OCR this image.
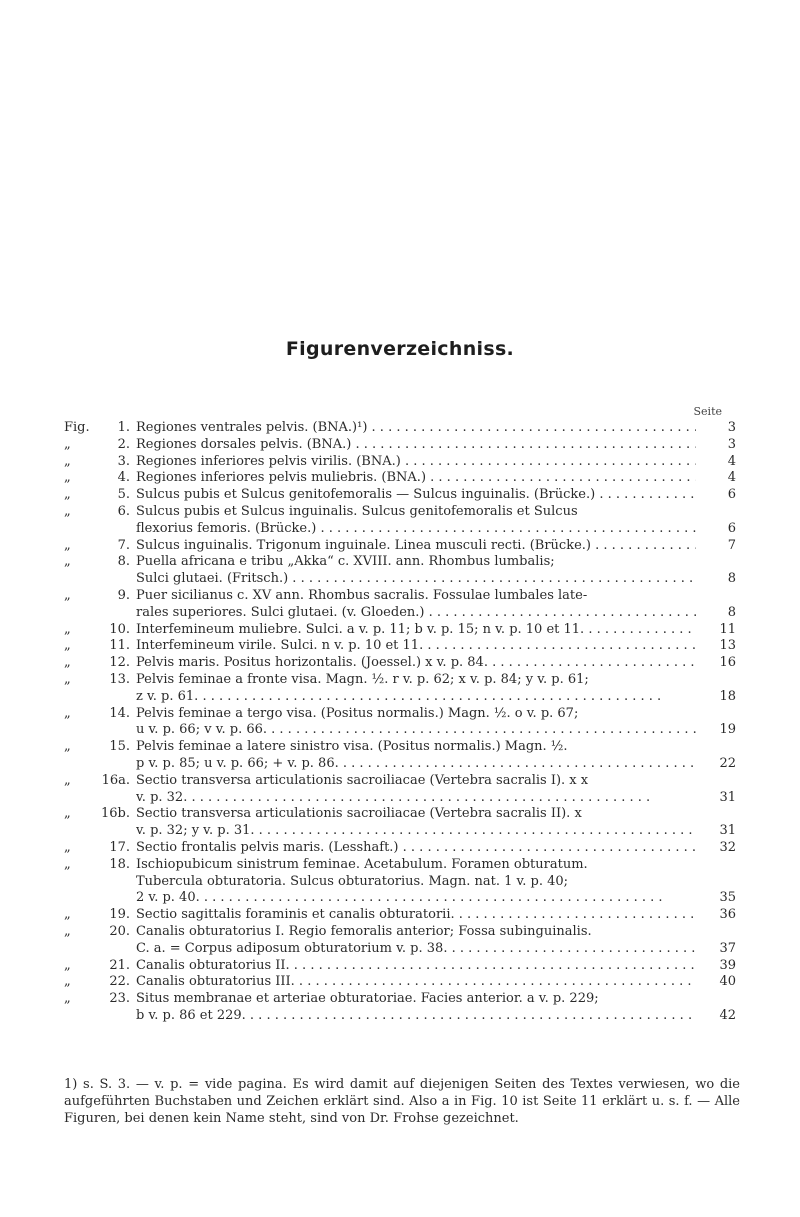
Figurenverzeichniss.
Seite
Fig.	1. Regiones ventrales pelvis. (BNA.)¹) . . .	3
„	2. Regiones dorsales pelvis. (BNA.) . . .	3
„	3. Regiones inferiores pelvis virilis. (BNA.) . . .	4
„	4. Regiones inferiores pelvis muliebris. (BNA.) . . .	4
„	5. Sulcus pubis et Sulcus genitofemoralis — Sulcus inguinalis. (Brücke.) . . .	6
„	6. Sulcus pubis et Sulcus inguinalis. Sulcus genitofemoralis et Sulcus
flexorius femoris. (Brücke.) . . .	6
„	7. Sulcus inguinalis. Trigonum inguinale. Linea musculi recti. (Brücke.) . . .	7
„	8. Puella africana e tribu „Akka“ c. XVIII. ann. Rhombus lumbalis;
Sulci glutaei. (Fritsch.) . . .	8
„	9. Puer sicilianus c. XV ann. Rhombus sacralis. Fossulae lumbales late-
rales superiores. Sulci glutaei. (v. Gloeden.) . . .	8
„	10. Interfemineum muliebre. Sulci. a v. p. 11; b v. p. 15; n v. p. 10 et 11. . . .	11
„	11. Interfemineum virile. Sulci. n v. p. 10 et 11. . . .	13
„	12. Pelvis maris. Positus horizontalis. (Joessel.) x v. p. 84. . . .	16
„	13. Pelvis feminae a fronte visa. Magn. ½. r v. p. 62; x v. p. 84; y v. p. 61;
z v. p. 61. . . .	18
„	14. Pelvis feminae a tergo visa. (Positus normalis.) Magn. ½. o v. p. 67;
u v. p. 66; v v. p. 66. . . .	19
„	15. Pelvis feminae a latere sinistro visa. (Positus normalis.) Magn. ½.
p v. p. 85; u v. p. 66; + v. p. 86. . . .	22
„	16a. Sectio transversa articulationis sacroiliacae (Vertebra sacralis I). x x
v. p. 32. . . .	31
„	16b. Sectio transversa articulationis sacroiliacae (Vertebra sacralis II). x
v. p. 32; y v. p. 31. . . .	31
„	17. Sectio frontalis pelvis maris. (Lesshaft.) . . .	32
„	18. Ischiopubicum sinistrum feminae. Acetabulum. Foramen obturatum.
Tubercula obturatoria. Sulcus obturatorius. Magn. nat. 1 v. p. 40;
2 v. p. 40. . . .	35
„	19. Sectio sagittalis foraminis et canalis obturatorii. . . .	36
„	20. Canalis obturatorius I. Regio femoralis anterior; Fossa subinguinalis.
C. a. = Corpus adiposum obturatorium v. p. 38. . . .	37
„	21. Canalis obturatorius II. . . .	39
„	22. Canalis obturatorius III. . . .	40
„	23. Situs membranae et arteriae obturatoriae. Facies anterior. a v. p. 229;
b v. p. 86 et 229. . . .	42

1) s. S. 3. — v. p. = vide pagina. Es wird damit auf diejenigen Seiten des Textes verwiesen, wo die aufgeführten Buchstaben und Zeichen erklärt sind. Also a in Fig. 10 ist Seite 11 erklärt u. s. f. — Alle Figuren, bei denen kein Name steht, sind von Dr. Frohse gezeichnet.
